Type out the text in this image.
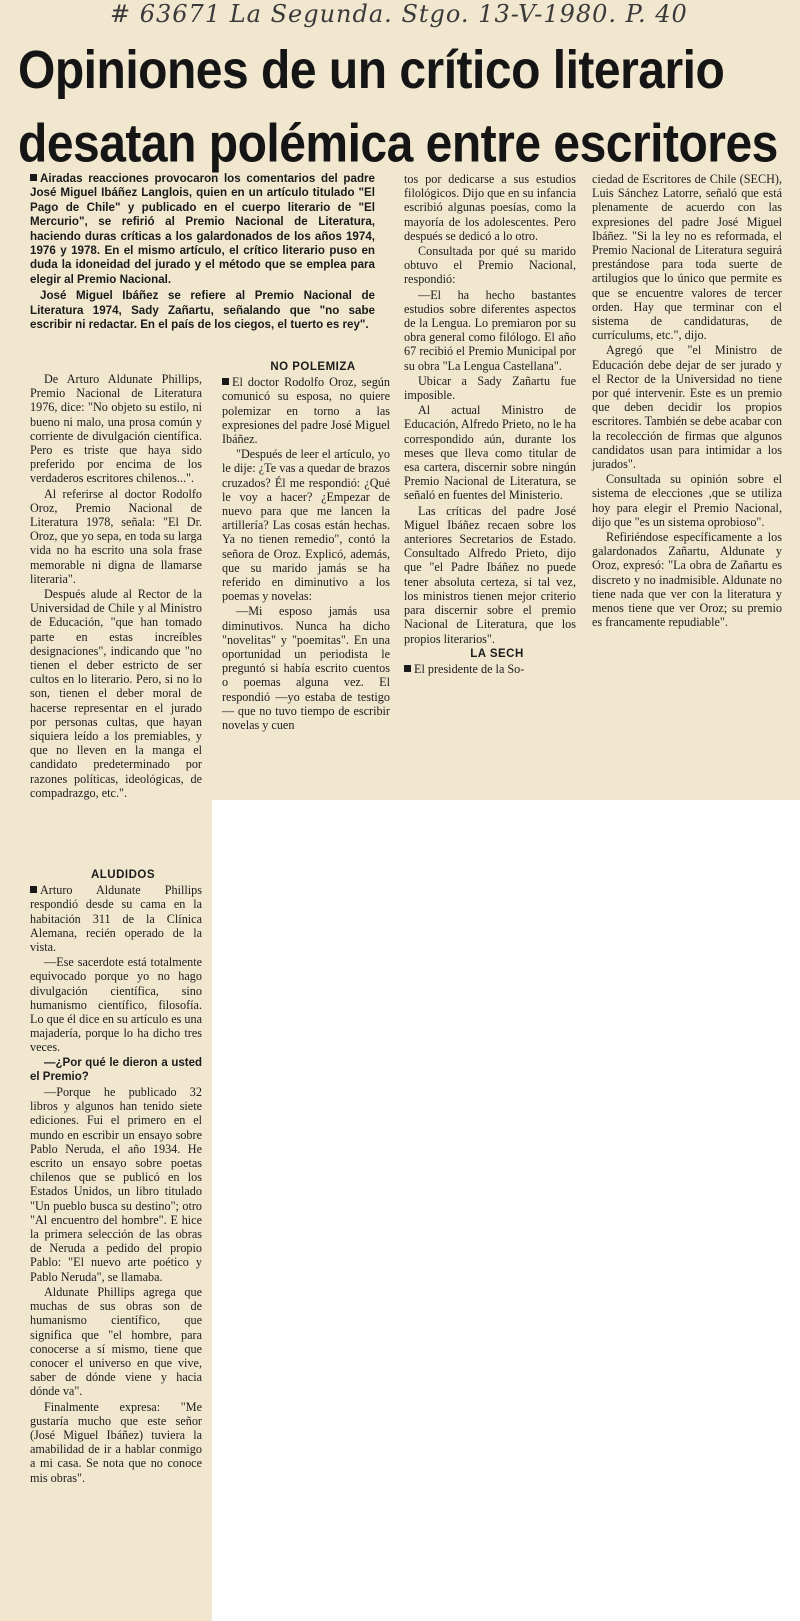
# 63671 La Segunda. Stgo. 13-V-1980. P. 40
Opiniones de un crítico literario
desatan polémica entre escritores

Airadas reacciones provocaron los comentarios del padre José Miguel Ibáñez Langlois, quien en un artículo titulado "El Pago de Chile" y publicado en el cuerpo literario de "El Mercurio", se refirió al Premio Nacional de Literatura, haciendo duras críticas a los galardonados de los años 1974, 1976 y 1978. En el mismo artículo, el crítico literario puso en duda la idoneidad del jurado y el método que se emplea para elegir al Premio Nacional.

José Miguel Ibáñez se refiere al Premio Nacional de Literatura 1974, Sady Zañartu, señalando que "no sabe escribir ni redactar. En el país de los ciegos, el tuerto es rey".

De Arturo Aldunate Phillips, Premio Nacional de Literatura 1976, dice: "No objeto su estilo, ni bueno ni malo, una prosa común y corriente de divulgación científica. Pero es triste que haya sido preferido por encima de los verdaderos escritores chilenos...".

Al referirse al doctor Rodolfo Oroz, Premio Nacional de Literatura 1978, señala: "El Dr. Oroz, que yo sepa, en toda su larga vida no ha escrito una sola frase memorable ni digna de llamarse literaria".

Después alude al Rector de la Universidad de Chile y al Ministro de Educación, "que han tomado parte en estas increíbles designaciones", indicando que "no tienen el deber estricto de ser cultos en lo literario. Pero, si no lo son, tienen el deber moral de hacerse representar en el jurado por personas cultas, que hayan siquiera leído a los premiables, y que no lleven en la manga el candidato predeterminado por razones políticas, ideológicas, de compadrazgo, etc.".

ALUDIDOS

Arturo Aldunate Phillips respondió desde su cama en la habitación 311 de la Clínica Alemana, recién operado de la vista.

—Ese sacerdote está totalmente equivocado porque yo no hago divulgación científica, sino humanismo científico, filosofía. Lo que él dice en su artículo es una majadería, porque lo ha dicho tres veces.

—¿Por qué le dieron a usted el Premio?

—Porque he publicado 32 libros y algunos han tenido siete ediciones. Fui el primero en el mundo en escribir un ensayo sobre Pablo Neruda, el año 1934. He escrito un ensayo sobre poetas chilenos que se publicó en los Estados Unidos, un libro titulado "Un pueblo busca su destino"; otro "Al encuentro del hombre". E hice la primera selección de las obras de Neruda a pedido del propio Pablo: "El nuevo arte poético y Pablo Neruda", se llamaba.

Aldunate Phillips agrega que muchas de sus obras son de humanismo científico, que significa que "el hombre, para conocerse a sí mismo, tiene que conocer el universo en que vive, saber de dónde viene y hacia dónde va".

Finalmente expresa: "Me gustaría mucho que este señor (José Miguel Ibáñez) tuviera la amabilidad de ir a hablar conmigo a mi casa. Se nota que no conoce mis obras".

NO POLEMIZA

El doctor Rodolfo Oroz, según comunicó su esposa, no quiere polemizar en torno a las expresiones del padre José Miguel Ibáñez.

"Después de leer el artículo, yo le dije: ¿Te vas a quedar de brazos cruzados? Él me respondió: ¿Qué le voy a hacer? ¿Empezar de nuevo para que me lancen la artillería? Las cosas están hechas. Ya no tienen remedio", contó la señora de Oroz. Explicó, además, que su marido jamás se ha referido en diminutivo a los poemas y novelas:

—Mi esposo jamás usa diminutivos. Nunca ha dicho "novelitas" y "poemitas". En una oportunidad un periodista le preguntó si había escrito cuentos o poemas alguna vez. El respondió —yo estaba de testigo— que no tuvo tiempo de escribir novelas y cuen

tos por dedicarse a sus estudios filológicos. Dijo que en su infancia escribió algunas poesías, como la mayoría de los adolescentes. Pero después se dedicó a lo otro.

Consultada por qué su marido obtuvo el Premio Nacional, respondió:

—El ha hecho bastantes estudios sobre diferentes aspectos de la Lengua. Lo premiaron por su obra general como filólogo. El año 67 recibió el Premio Municipal por su obra "La Lengua Castellana".

Ubicar a Sady Zañartu fue imposible.

Al actual Ministro de Educación, Alfredo Prieto, no le ha correspondido aún, durante los meses que lleva como titular de esa cartera, discernir sobre ningún Premio Nacional de Literatura, se señaló en fuentes del Ministerio.

Las críticas del padre José Miguel Ibáñez recaen sobre los anteriores Secretarios de Estado. Consultado Alfredo Prieto, dijo que "el Padre Ibáñez no puede tener absoluta certeza, si tal vez, los ministros tienen mejor criterio para discernir sobre el premio Nacional de Literatura, que los propios literarios".

LA SECH

El presidente de la So-

ciedad de Escritores de Chile (SECH), Luis Sánchez Latorre, señaló que está plenamente de acuerdo con las expresiones del padre José Miguel Ibáñez. "Si la ley no es reformada, el Premio Nacional de Literatura seguirá prestándose para toda suerte de artilugios que lo único que permite es que se encuentre valores de tercer orden. Hay que terminar con el sistema de candidaturas, de currículums, etc.", dijo.

Agregó que "el Ministro de Educación debe dejar de ser jurado y el Rector de la Universidad no tiene por qué intervenir. Este es un premio que deben decidir los propios escritores. También se debe acabar con la recolección de firmas que algunos candidatos usan para intimidar a los jurados".

Consultada su opinión sobre el sistema de elecciones ,que se utiliza hoy para elegir el Premio Nacional, dijo que "es un sistema oprobioso".

Refiriéndose específicamente a los galardonados Zañartu, Aldunate y Oroz, expresó: "La obra de Zañartu es discreto y no inadmisible. Aldunate no tiene nada que ver con la literatura y menos tiene que ver Oroz; su premio es francamente repudiable".
